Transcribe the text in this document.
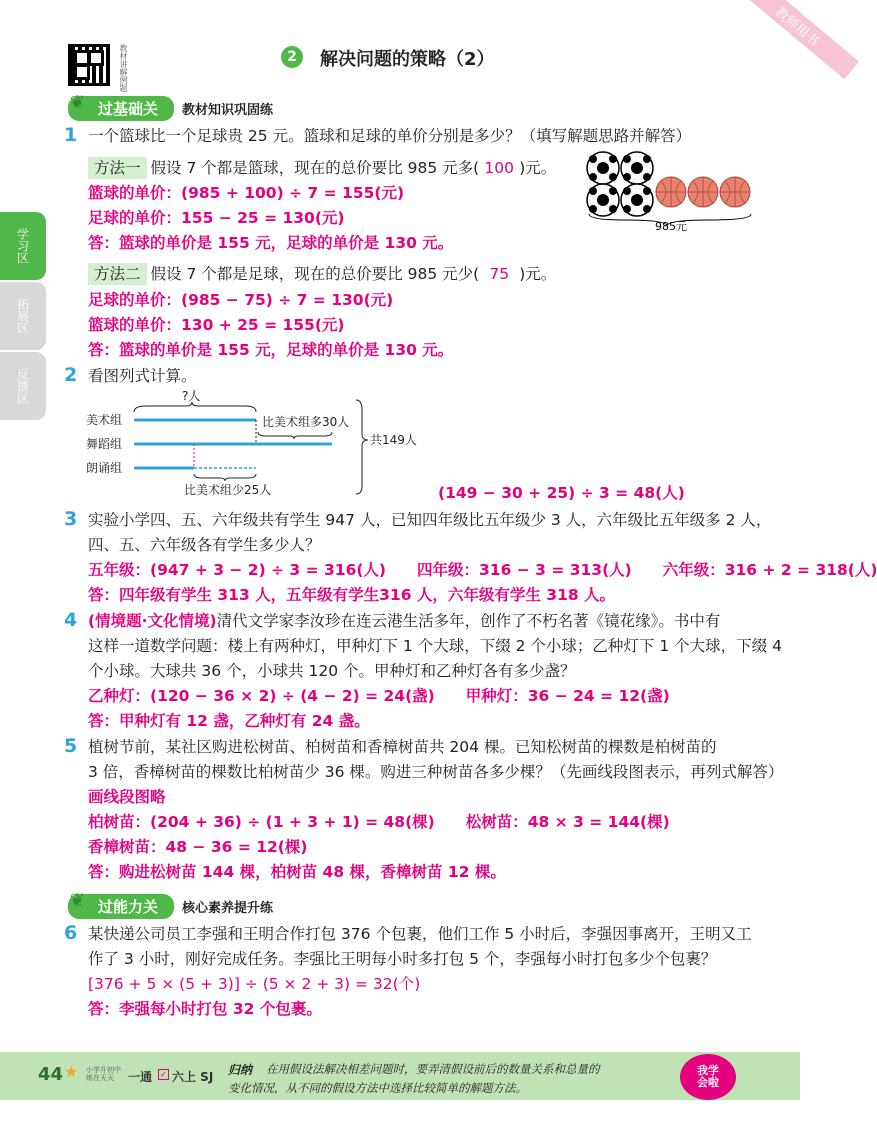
教师用书
教材讲解例题	2 解决问题的策略（2）
学习区
拓展区
反馈区
过基础关	教材知识巩固练
❦
1 一个篮球比一个足球贵 25 元。篮球和足球的单价分别是多少？（填写解题思路并解答）
方法一 假设 7 个都是篮球，现在的总价要比 985 元多( 100 )元。
篮球的单价：(985 + 100) ÷ 7 = 155(元)
足球的单价：155 − 25 = 130(元)
答：篮球的单价是 155 元，足球的单价是 130 元。
方法二 假设 7 个都是足球，现在的总价要比 985 元少( 75 )元。
足球的单价：(985 − 75) ÷ 7 = 130(元)
篮球的单价：130 + 25 = 155(元)
答：篮球的单价是 155 元，足球的单价是 130 元。
985元
2 看图列式计算。
美术组
舞蹈组
朗诵组
?人
比美术组多30人
比美术组少25人
共149人
(149 − 30 + 25) ÷ 3 = 48(人)
3 实验小学四、五、六年级共有学生 947 人，已知四年级比五年级少 3 人，六年级比五年级多 2 人，
四、五、六年级各有学生多少人？
五年级：(947 + 3 − 2) ÷ 3 = 316(人)　　四年级：316 − 3 = 313(人)　　六年级：316 + 2 = 318(人)
答：四年级有学生 313 人，五年级有学生316 人，六年级有学生 318 人。
4 (情境题·文化情境)清代文学家李汝珍在连云港生活多年，创作了不朽名著《镜花缘》。书中有
这样一道数学问题：楼上有两种灯，甲种灯下 1 个大球，下缀 2 个小球；乙种灯下 1 个大球，下缀 4
个小球。大球共 36 个，小球共 120 个。甲种灯和乙种灯各有多少盏？
乙种灯：(120 − 36 × 2) ÷ (4 − 2) = 24(盏)　　甲种灯：36 − 24 = 12(盏)
答：甲种灯有 12 盏，乙种灯有 24 盏。
5 植树节前，某社区购进松树苗、柏树苗和香樟树苗共 204 棵。已知松树苗的棵数是柏树苗的
3 倍，香樟树苗的棵数比柏树苗少 36 棵。购进三种树苗各多少棵？（先画线段图表示，再列式解答）
画线段图略
柏树苗：(204 + 36) ÷ (1 + 3 + 1) = 48(棵)　　松树苗：48 × 3 = 144(棵)
香樟树苗：48 − 36 = 12(棵)
答：购进松树苗 144 棵，柏树苗 48 棵，香樟树苗 12 棵。
过能力关	核心素养提升练
❦
6 某快递公司员工李强和王明合作打包 376 个包裹，他们工作 5 小时后，李强因事离开，王明又工
作了 3 小时，刚好完成任务。李强比王明每小时多打包 5 个，李强每小时打包多少个包裹？
[376 + 5 × (5 + 3)] ÷ (5 × 2 + 3) = 32(个)
答：李强每小时打包 32 个包裹。
44 ★ 小学升初中 练在天天	一通 ✓ 六上 SJ 归纳 在用假设法解决相差问题时，要弄清假设前后的数量关系和总量的
变化情况，从不同的假设方法中选择比较简单的解题方法。
我学会啦
